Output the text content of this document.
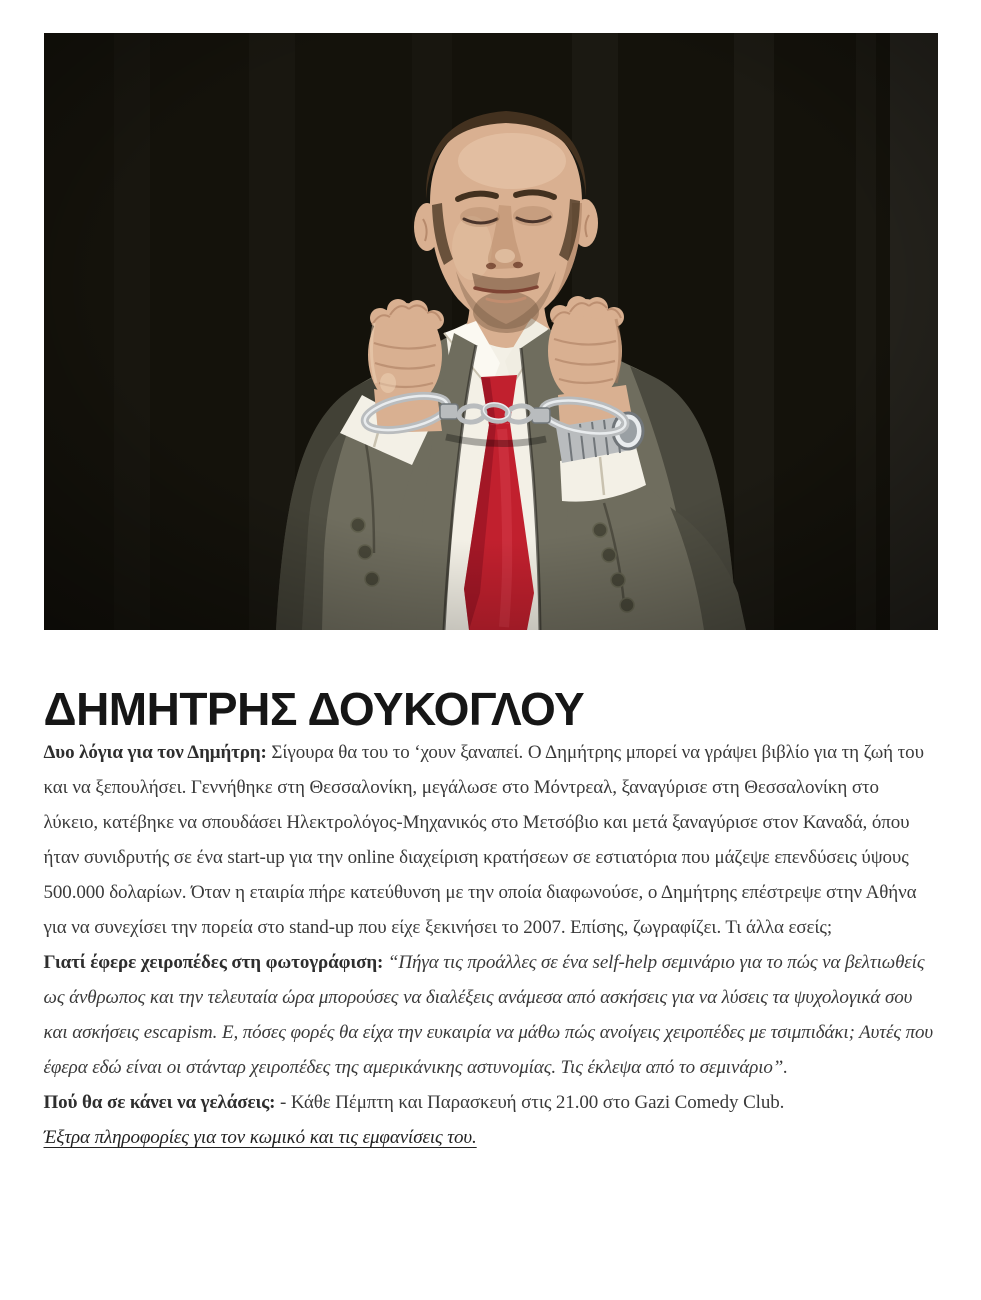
ΔΗΜΗΤΡΗΣ ΔΟΥΚΟΓΛΟΥ

Δυο λόγια για τον Δημήτρη: Σίγουρα θα του το ‘χουν ξαναπεί. Ο Δημήτρης μπορεί να γράψει βιβλίο για τη ζωή του και να ξεπουλήσει. Γεννήθηκε στη Θεσσαλονίκη, μεγάλωσε στο Μόντρεαλ, ξαναγύρισε στη Θεσσαλονίκη στο λύκειο, κατέβηκε να σπουδάσει Ηλεκτρολόγος-Μηχανικός στο Μετσόβιο και μετά ξαναγύρισε στον Καναδά, όπου ήταν συνιδρυτής σε ένα start-up για την online διαχείριση κρατήσεων σε εστιατόρια που μάζεψε επενδύσεις ύψους 500.000 δολαρίων. Όταν η εταιρία πήρε κατεύθυνση με την οποία διαφωνούσε, ο Δημήτρης επέστρεψε στην Αθήνα για να συνεχίσει την πορεία στο stand-up που είχε ξεκινήσει το 2007. Επίσης, ζωγραφίζει. Τι άλλα εσείς;

Γιατί έφερε χειροπέδες στη φωτογράφιση: “Πήγα τις προάλλες σε ένα self-help σεμινάριο για το πώς να βελτιωθείς ως άνθρωπος και την τελευταία ώρα μπορούσες να διαλέξεις ανάμεσα από ασκήσεις για να λύσεις τα ψυχολογικά σου και ασκήσεις escapism. Ε, πόσες φορές θα είχα την ευκαιρία να μάθω πώς ανοίγεις χειροπέδες με τσιμπιδάκι; Αυτές που έφερα εδώ είναι οι στάνταρ χειροπέδες της αμερικάνικης αστυνομίας. Τις έκλεψα από το σεμινάριο”.

Πού θα σε κάνει να γελάσεις: - Κάθε Πέμπτη και Παρασκευή στις 21.00 στο Gazi Comedy Club.

Έξτρα πληροφορίες για τον κωμικό και τις εμφανίσεις του.
